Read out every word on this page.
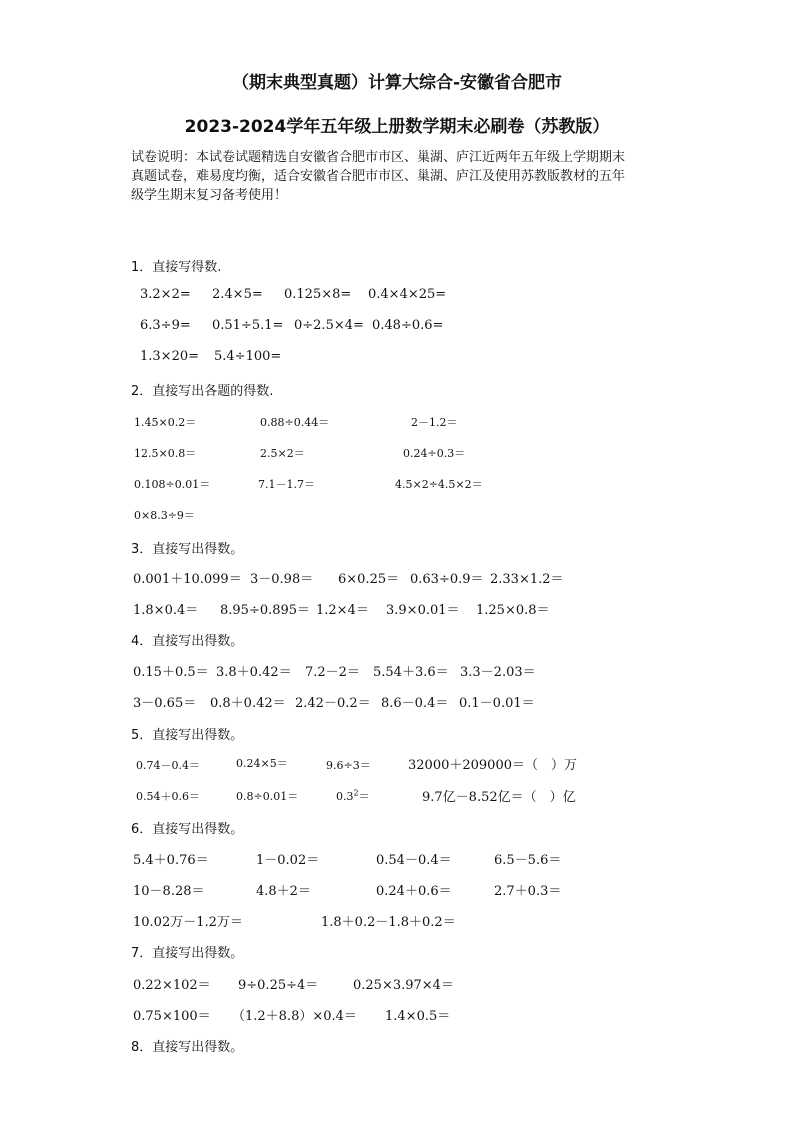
（期末典型真题）计算大综合-安徽省合肥市
2023-2024学年五年级上册数学期末必刷卷（苏教版）

试卷说明：本试卷试题精选自安徽省合肥市市区、巢湖、庐江近两年五年级上学期期末

真题试卷，难易度均衡，适合安徽省合肥市市区、巢湖、庐江及使用苏教版教材的五年

级学生期末复习备考使用！

1．直接写得数.
3.2×2= 2.4×5= 0.125×8= 0.4×4×25=
6.3÷9= 0.51÷5.1= 0÷2.5×4= 0.48÷0.6=
1.3×20= 5.4÷100=
2．直接写出各题的得数.
1.45×0.2＝	0.88÷0.44＝	2－1.2＝
12.5×0.8＝	2.5×2＝	0.24÷0.3＝
0.108÷0.01＝	7.1－1.7＝	4.5×2÷4.5×2＝
0×8.3÷9＝
3．直接写出得数。
0.001＋10.099＝ 3－0.98＝ 6×0.25＝ 0.63÷0.9＝ 2.33×1.2＝
1.8×0.4＝ 8.95÷0.895＝ 1.2×4＝ 3.9×0.01＝ 1.25×0.8＝
4．直接写出得数。
0.15＋0.5＝ 3.8＋0.42＝ 7.2－2＝ 5.54＋3.6＝ 3.3－2.03＝
3－0.65＝ 0.8＋0.42＝ 2.42－0.2＝ 8.6－0.4＝ 0.1－0.01＝
5．直接写出得数。
0.74－0.4＝	0.24×5＝	9.6÷3＝	32000＋209000＝（　）万
0.54＋0.6＝	0.8÷0.01＝	$0.3^2=$	9.7亿－8.52亿＝（　）亿
6．直接写出得数。
5.4＋0.76＝	1－0.02＝	0.54－0.4＝	6.5－5.6＝
10－8.28＝	4.8＋2＝	0.24＋0.6＝	2.7＋0.3＝
10.02万－1.2万＝	1.8＋0.2－1.8＋0.2＝
7．直接写出得数。
0.22×102＝ 9÷0.25÷4＝	0.25×3.97×4＝
0.75×100＝ （1.2＋8.8）×0.4＝ 1.4×0.5＝
8．直接写出得数。
